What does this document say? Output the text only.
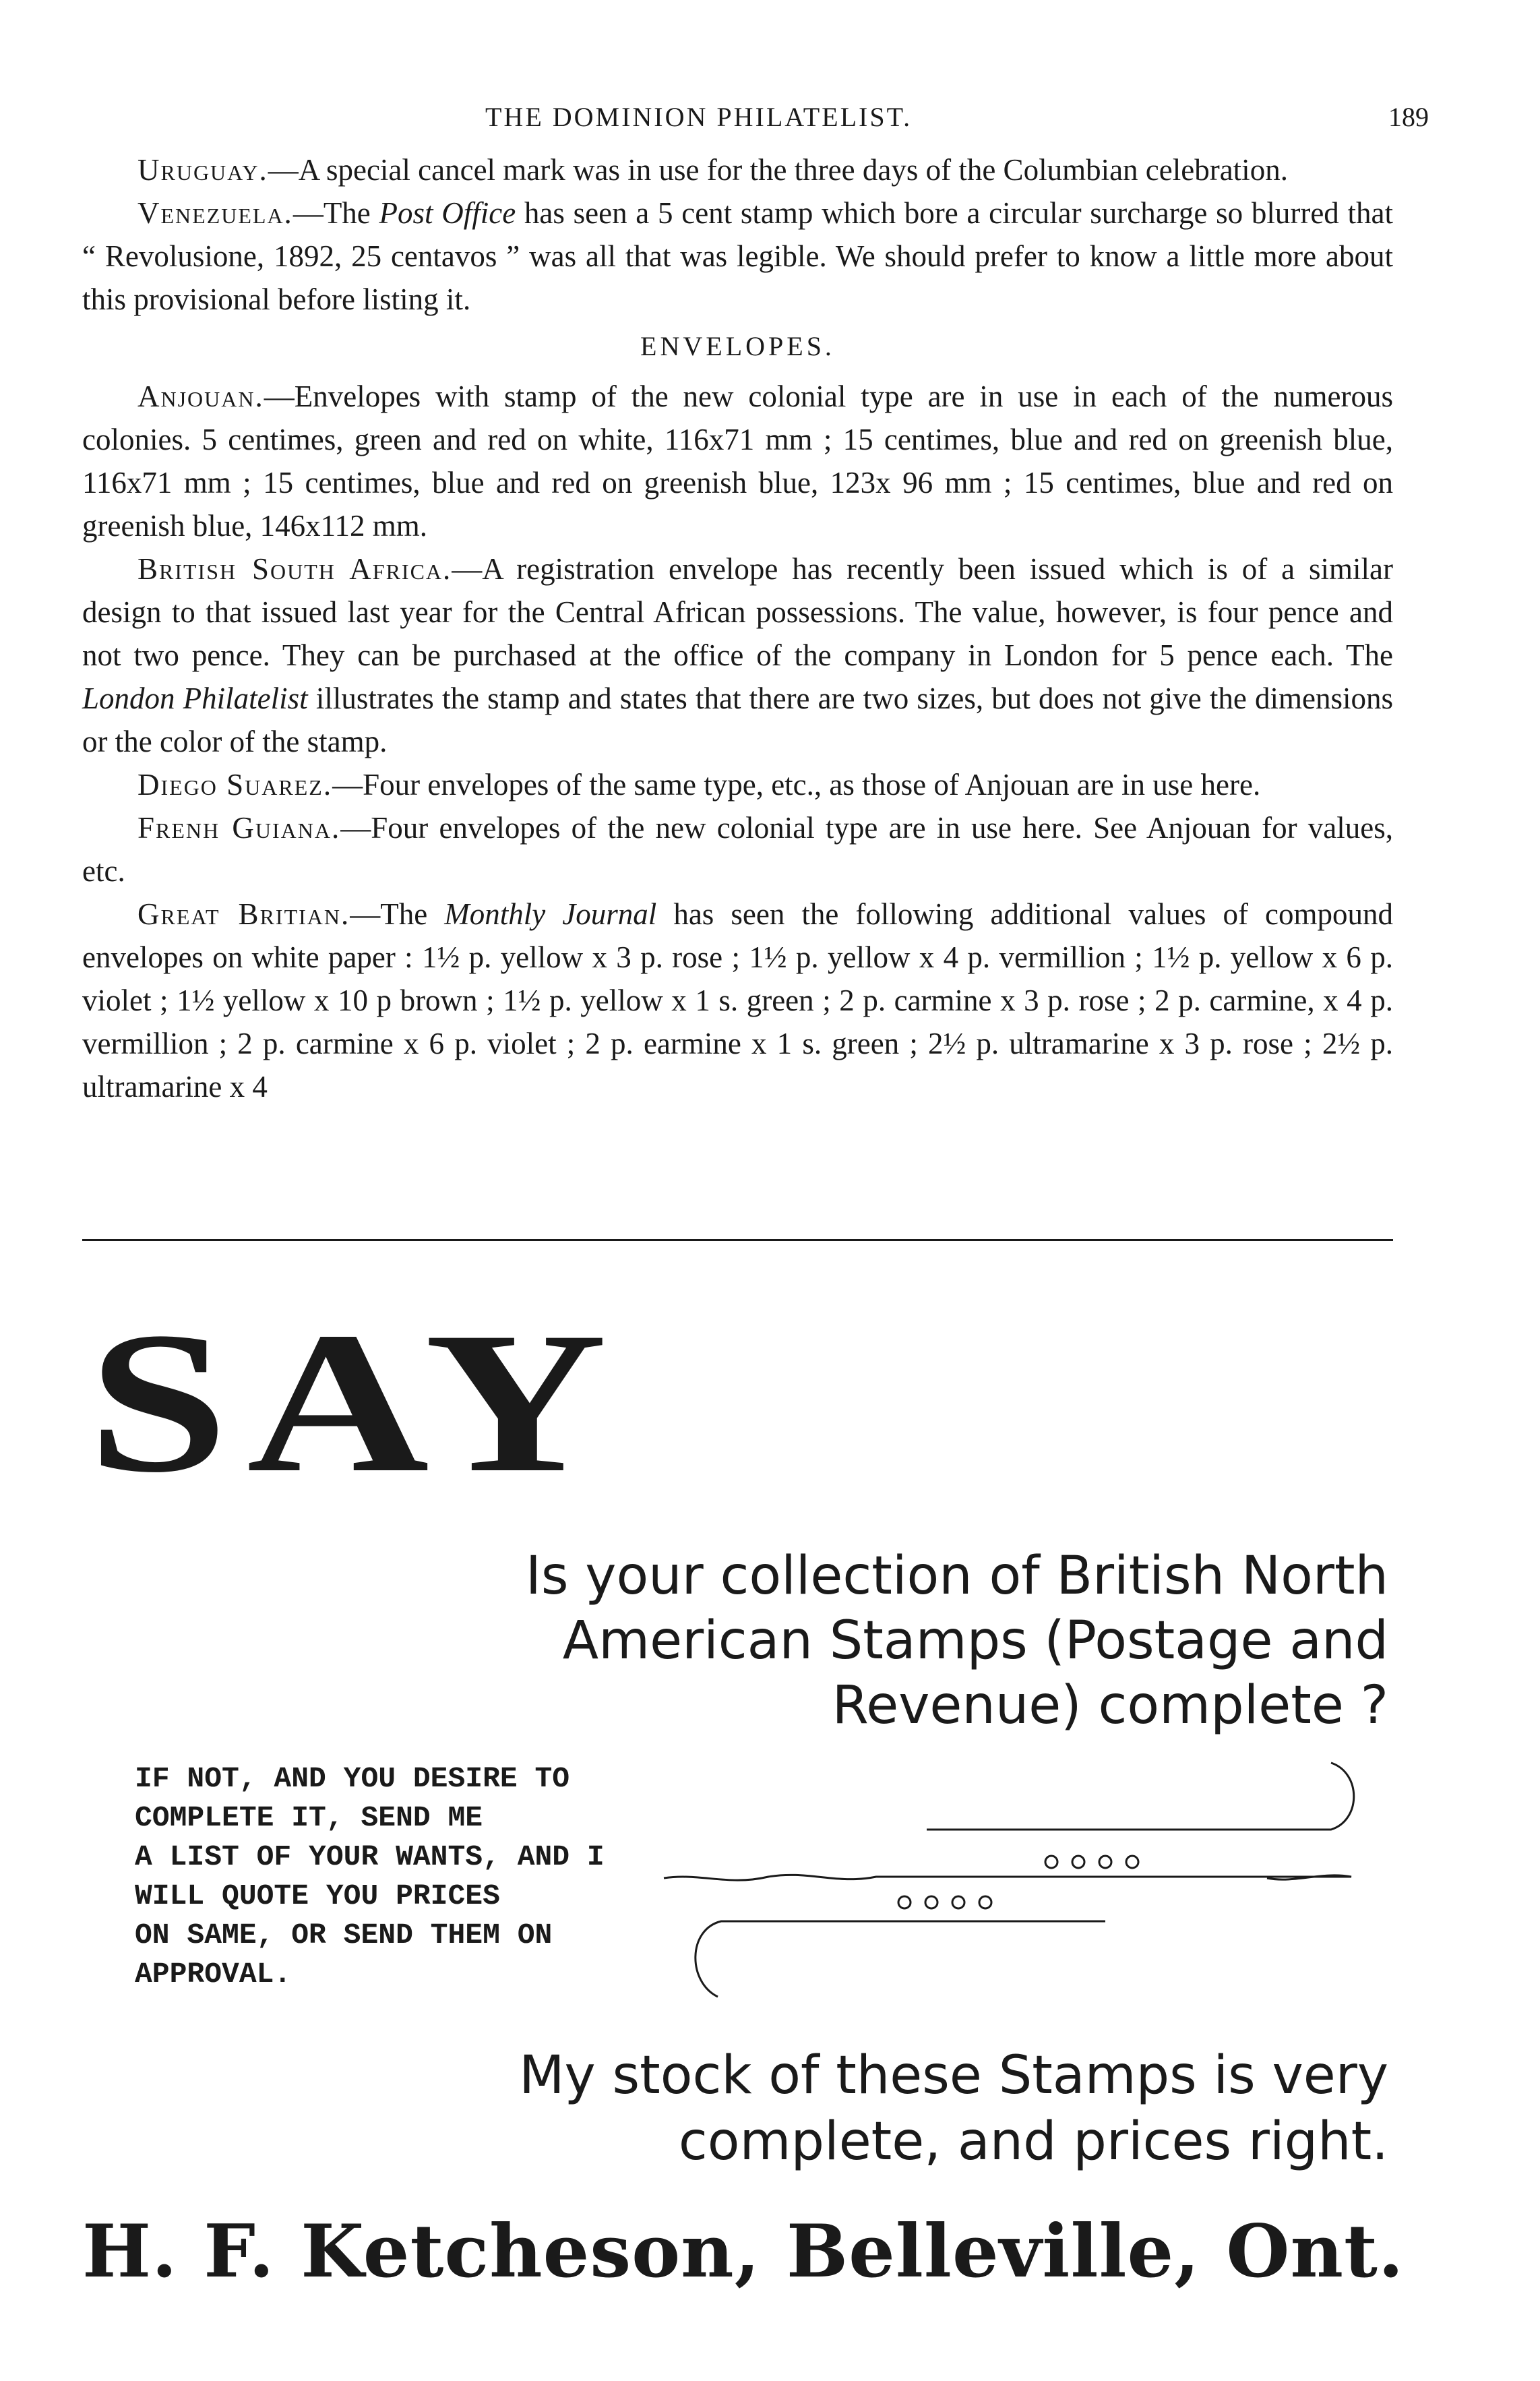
THE DOMINION PHILATELIST.	189

Uruguay.—A special cancel mark was in use for the three days of the Columbian celebration.

Venezuela.—The Post Office has seen a 5 cent stamp which bore a circular surcharge so blurred that “ Revolusione, 1892, 25 centavos ” was all that was legible. We should prefer to know a little more about this provisional before listing it.

ENVELOPES.

Anjouan.—Envelopes with stamp of the new colonial type are in use in each of the numerous colonies. 5 centimes, green and red on white, 116x71 mm ; 15 centimes, blue and red on greenish blue, 116x71 mm ; 15 centimes, blue and red on greenish blue, 123x 96 mm ; 15 centimes, blue and red on greenish blue, 146x112 mm.

British South Africa.—A registration envelope has recently been issued which is of a similar design to that issued last year for the Central African possessions. The value, however, is four pence and not two pence. They can be purchased at the office of the company in London for 5 pence each. The London Philatelist illustrates the stamp and states that there are two sizes, but does not give the dimensions or the color of the stamp.

Diego Suarez.—Four envelopes of the same type, etc., as those of Anjouan are in use here.

Frenh Guiana.—Four envelopes of the new colonial type are in use here. See Anjouan for values, etc.

Great Britian.—The Monthly Journal has seen the following additional values of compound envelopes on white paper : 1½ p. yellow x 3 p. rose ; 1½ p. yellow x 4 p. vermillion ; 1½ p. yellow x 6 p. violet ; 1½ yellow x 10 p brown ; 1½ p. yellow x 1 s. green ; 2 p. carmine x 3 p. rose ; 2 p. carmine, x 4 p. vermillion ; 2 p. carmine x 6 p. violet ; 2 p. earmine x 1 s. green ; 2½ p. ultramarine x 3 p. rose ; 2½ p. ultramarine x 4

SAY
Is your collection of British North
American Stamps (Postage and
Revenue) complete ?
IF NOT, AND YOU DESIRE TO
COMPLETE IT, SEND ME
A LIST OF YOUR WANTS, AND I
WILL QUOTE YOU PRICES
ON SAME, OR SEND THEM ON
APPROVAL.
My stock of these Stamps is very
complete, and prices right.
H. F. Ketcheson, Belleville, Ont.
